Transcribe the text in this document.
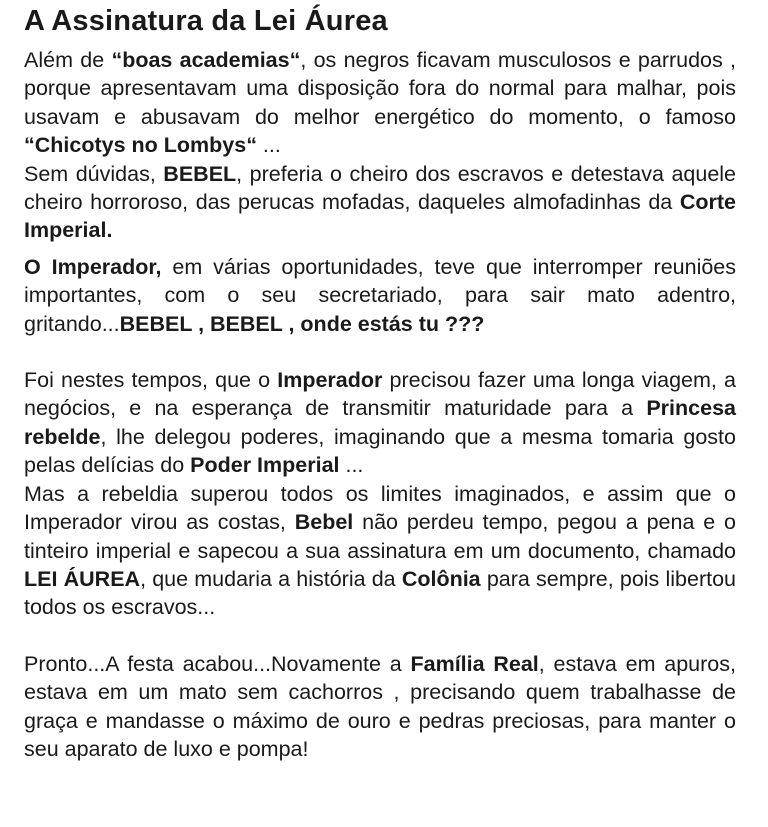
A Assinatura da Lei Áurea

Além de “boas academias“, os negros ficavam musculosos e parrudos , porque apresentavam uma disposição fora do normal para malhar, pois usavam e abusavam do melhor energético do momento, o famoso “Chicotys no Lombys“ ...

Sem dúvidas, BEBEL, preferia o cheiro dos escravos e detestava aquele cheiro horroroso, das perucas mofadas, daqueles almofadinhas da Corte Imperial.

O Imperador, em várias oportunidades, teve que interromper reuniões importantes, com o seu secretariado, para sair mato adentro, gritando...BEBEL , BEBEL , onde estás tu ???

Foi nestes tempos, que o Imperador precisou fazer uma longa viagem, a negócios, e na esperança de transmitir maturidade para a Princesa rebelde, lhe delegou poderes, imaginando que a mesma tomaria gosto pelas delícias do Poder Imperial ...

Mas a rebeldia superou todos os limites imaginados, e assim que o Imperador virou as costas, Bebel não perdeu tempo, pegou a pena e o tinteiro imperial e sapecou a sua assinatura em um documento, chamado LEI ÁUREA, que mudaria a história da Colônia para sempre, pois libertou todos os escravos...

Pronto...A festa acabou...Novamente a Família Real, estava em apuros, estava em um mato sem cachorros , precisando quem trabalhasse de graça e mandasse o máximo de ouro e pedras preciosas, para manter o seu aparato de luxo e pompa!
